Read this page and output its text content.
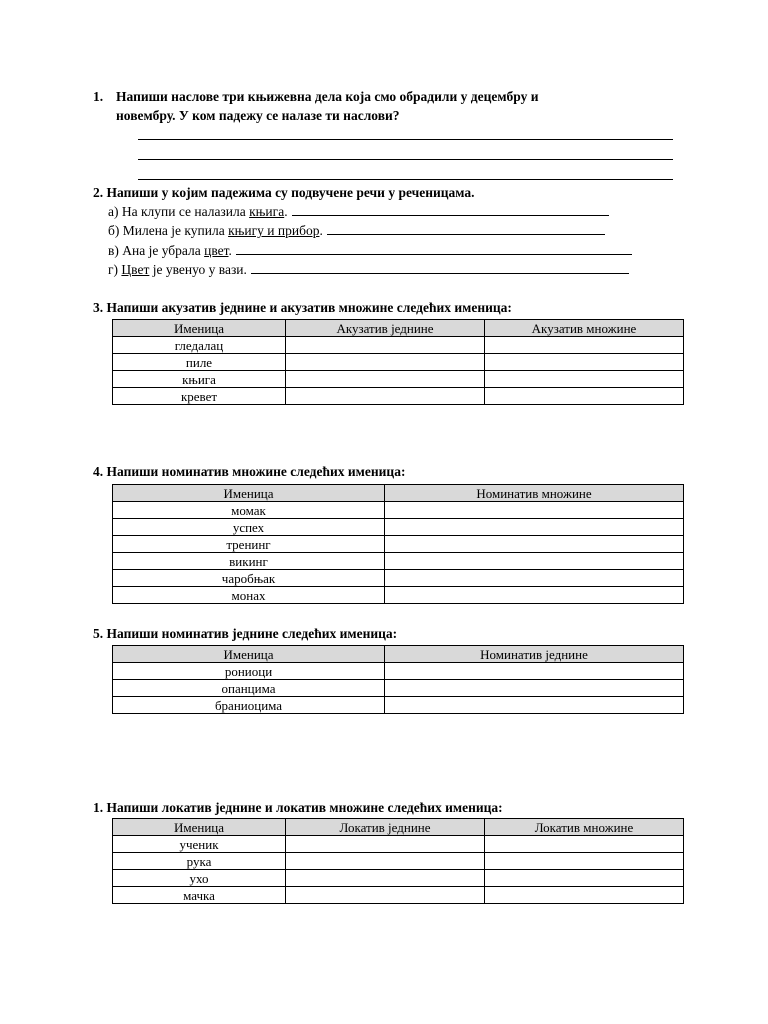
1. Напиши наслове три књижевна дела која смо обрадили у децембру и
новембру. У ком падежу се налазе ти наслови?
2. Напиши у којим падежима су подвучене речи у реченицама.
а) На клупи се налазила књига.
б) Милена је купила књигу и прибор.
в) Ана је убрала цвет.
г) Цвет је увенуо у вази.
3. Напиши акузатив једнине и акузатив множине следећих именица:
Именица	Акузатив једнине	Акузатив множине
гледалац		
пиле		
књига		
кревет		
4. Напиши номинатив множине следећих именица:
Именица	Номинатив множине
момак	
успех	
тренинг	
викинг	
чаробњак	
монах	
5. Напиши номинатив једнине следећих именица:
Именица	Номинатив једнине
рониоци	
опанцима	
браниоцима	
1. Напиши локатив једнине и локатив множине следећих именица:
Именица	Локатив једнине	Локатив множине
ученик		
рука		
ухо		
мачка		
